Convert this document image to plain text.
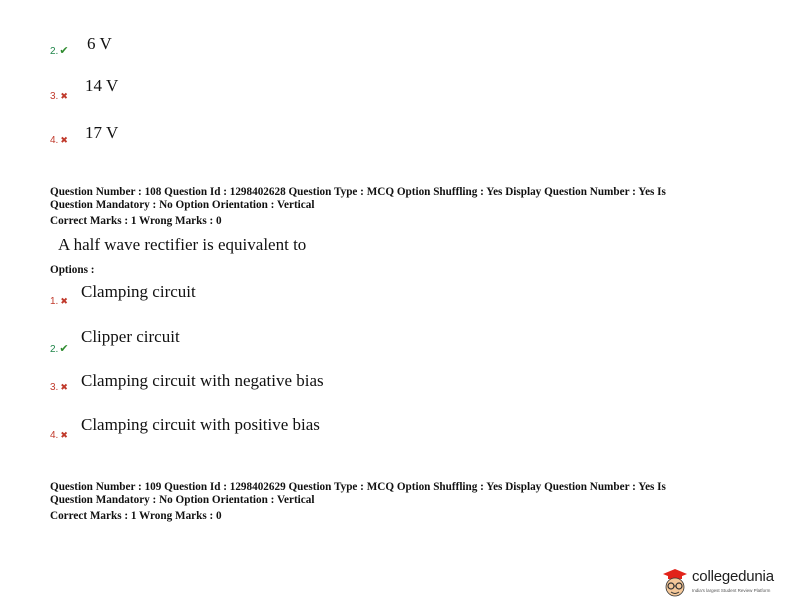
2.✔ 6 V
3. ✖
14 V
4. ✖ 17 V
Question Number : 108 Question Id : 1298402628 Question Type : MCQ Option Shuffling : Yes Display Question Number : Yes Is
Question Mandatory : No Option Orientation : Vertical
Correct Marks : 1 Wrong Marks : 0
A half wave rectifier is equivalent to
Options :
1. ✖ Clamping circuit
2.✔
Clipper circuit
3. ✖ Clamping circuit with negative bias
4. ✖
Clamping circuit with positive bias
Question Number : 109 Question Id : 1298402629 Question Type : MCQ Option Shuffling : Yes Display Question Number : Yes Is
Question Mandatory : No Option Orientation : Vertical
Correct Marks : 1 Wrong Marks : 0
collegedunia
India's largest Student Review Platform
